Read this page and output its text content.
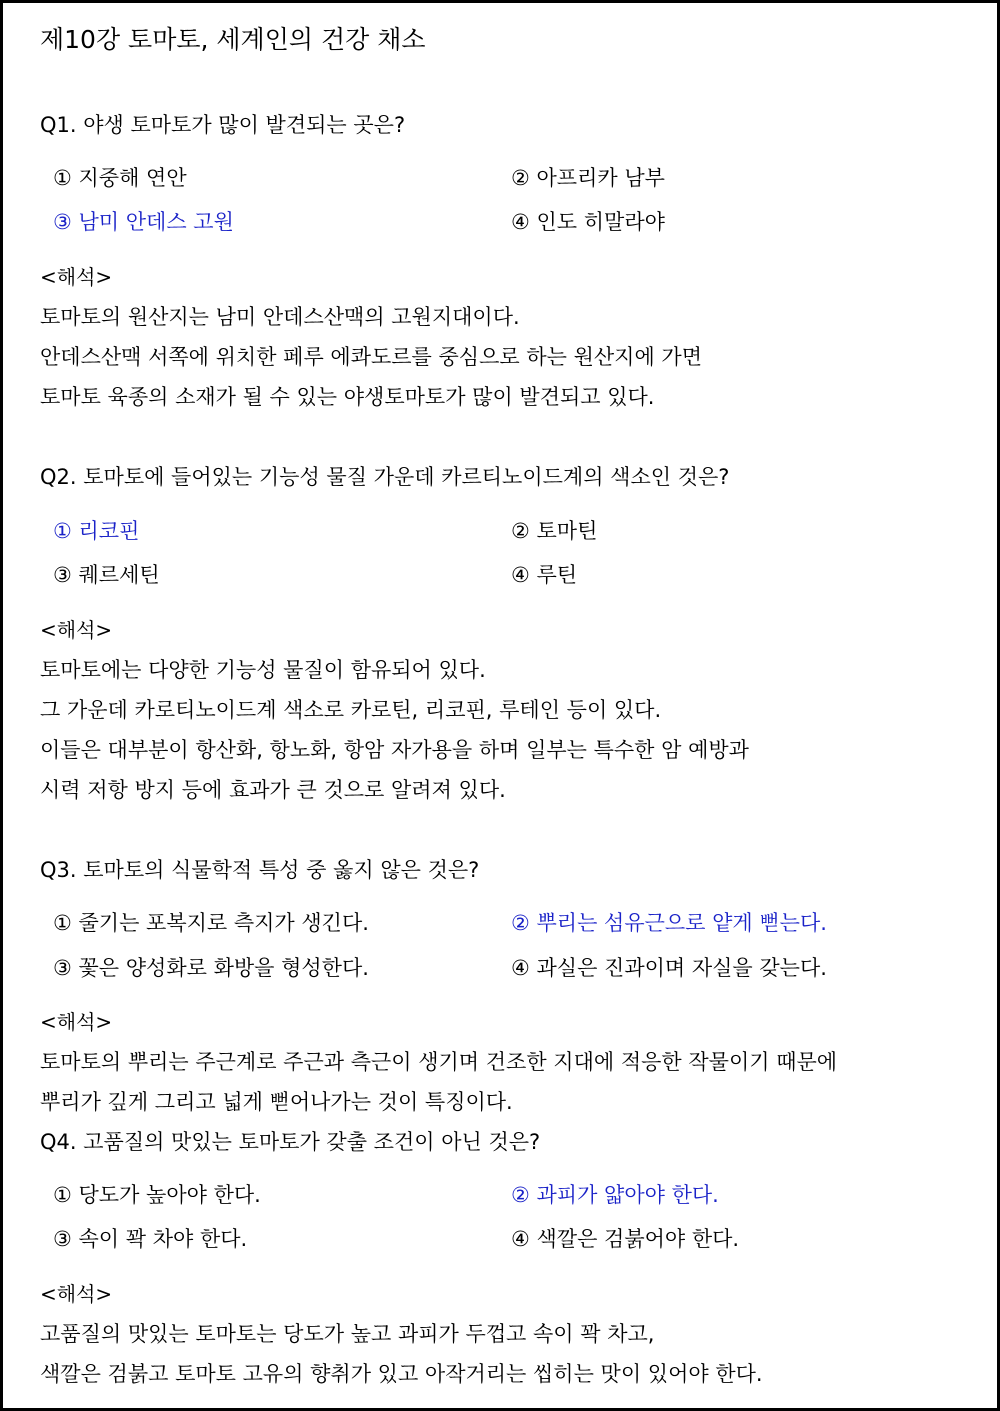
제10강 토마토, 세계인의 건강 채소

Q1. 야생 토마토가 많이 발견되는 곳은?

① 지중해 연안	② 아프리카 남부

③ 남미 안데스 고원	④ 인도 히말라야

<해석>

토마토의 원산지는 남미 안데스산맥의 고원지대이다.

안데스산맥 서쪽에 위치한 페루 에콰도르를 중심으로 하는 원산지에 가면

토마토 육종의 소재가 될 수 있는 야생토마토가 많이 발견되고 있다.

Q2. 토마토에 들어있는 기능성 물질 가운데 카르티노이드계의 색소인 것은?

① 리코핀	② 토마틴

③ 퀘르세틴	④ 루틴

<해석>

토마토에는 다양한 기능성 물질이 함유되어 있다.

그 가운데 카로티노이드계 색소로 카로틴, 리코핀, 루테인 등이 있다.

이들은 대부분이 항산화, 항노화, 항암 자가용을 하며 일부는 특수한 암 예방과

시력 저항 방지 등에 효과가 큰 것으로 알려져 있다.

Q3. 토마토의 식물학적 특성 중 옳지 않은 것은?

① 줄기는 포복지로 측지가 생긴다.	② 뿌리는 섬유근으로 얕게 뻗는다.

③ 꽃은 양성화로 화방을 형성한다.	④ 과실은 진과이며 자실을 갖는다.

<해석>

토마토의 뿌리는 주근계로 주근과 측근이 생기며 건조한 지대에 적응한 작물이기 때문에

뿌리가 깊게 그리고 넓게 뻗어나가는 것이 특징이다.

Q4. 고품질의 맛있는 토마토가 갖출 조건이 아닌 것은?

① 당도가 높아야 한다.	② 과피가 얇아야 한다.

③ 속이 꽉 차야 한다.	④ 색깔은 검붉어야 한다.

<해석>

고품질의 맛있는 토마토는 당도가 높고 과피가 두껍고 속이 꽉 차고,

색깔은 검붉고 토마토 고유의 향취가 있고 아작거리는 씹히는 맛이 있어야 한다.
